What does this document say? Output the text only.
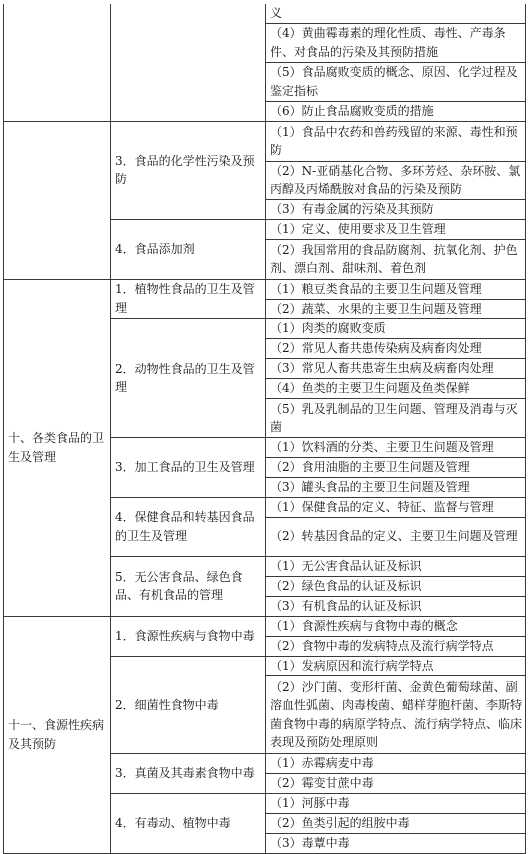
		义
		（4）黄曲霉毒素的理化性质、毒性、产毒条件、对食品的污染及其预防措施
		（5）食品腐败变质的概念、原因、化学过程及鉴定指标
		（6）防止食品腐败变质的措施
	3．食品的化学性污染及预防	（1）食品中农药和兽药残留的来源、毒性和预防
		（2）N-亚硝基化合物、多环芳烃、杂环胺、氯丙醇及丙烯酰胺对食品的污染及预防
		（3）有毒金属的污染及其预防
	4．食品添加剂	（1）定义、使用要求及卫生管理
		（2）我国常用的食品防腐剂、抗氧化剂、护色剂、漂白剂、甜味剂、着色剂
十、各类食品的卫生及管理	1．植物性食品的卫生及管理	（1）粮豆类食品的主要卫生问题及管理
		（2）蔬菜、水果的主要卫生问题及管理
	2．动物性食品的卫生及管理	（1）肉类的腐败变质
		（2）常见人畜共患传染病及病畜肉处理
		（3）常见人畜共患寄生虫病及病畜肉处理
		（4）鱼类的主要卫生问题及鱼类保鲜
		（5）乳及乳制品的卫生问题、管理及消毒与灭菌
	3．加工食品的卫生及管理	（1）饮料酒的分类、主要卫生问题及管理
		（2）食用油脂的主要卫生问题及管理
		（3）罐头食品的主要卫生问题及管理
	4．保健食品和转基因食品的卫生及管理	（1）保健食品的定义、特征、监督与管理
		（2）转基因食品的定义、主要卫生问题及管理
	5．无公害食品、绿色食品、有机食品的管理	（1）无公害食品认证及标识
		（2）绿色食品的认证及标识
		（3）有机食品的认证及标识
十一、食源性疾病及其预防	1．食源性疾病与食物中毒	（1）食源性疾病与食物中毒的概念
		（2）食物中毒的发病特点及流行病学特点
	2．细菌性食物中毒	（1）发病原因和流行病学特点
		（2）沙门菌、变形杆菌、金黄色葡萄球菌、副溶血性弧菌、肉毒梭菌、蜡样芽胞杆菌、李斯特菌食物中毒的病原学特点、流行病学特点、临床表现及预防处理原则
	3．真菌及其毒素食物中毒	（1）赤霉病麦中毒
		（2）霉变甘蔗中毒
	4．有毒动、植物中毒	（1）河豚中毒
		（2）鱼类引起的组胺中毒
		（3）毒蕈中毒
